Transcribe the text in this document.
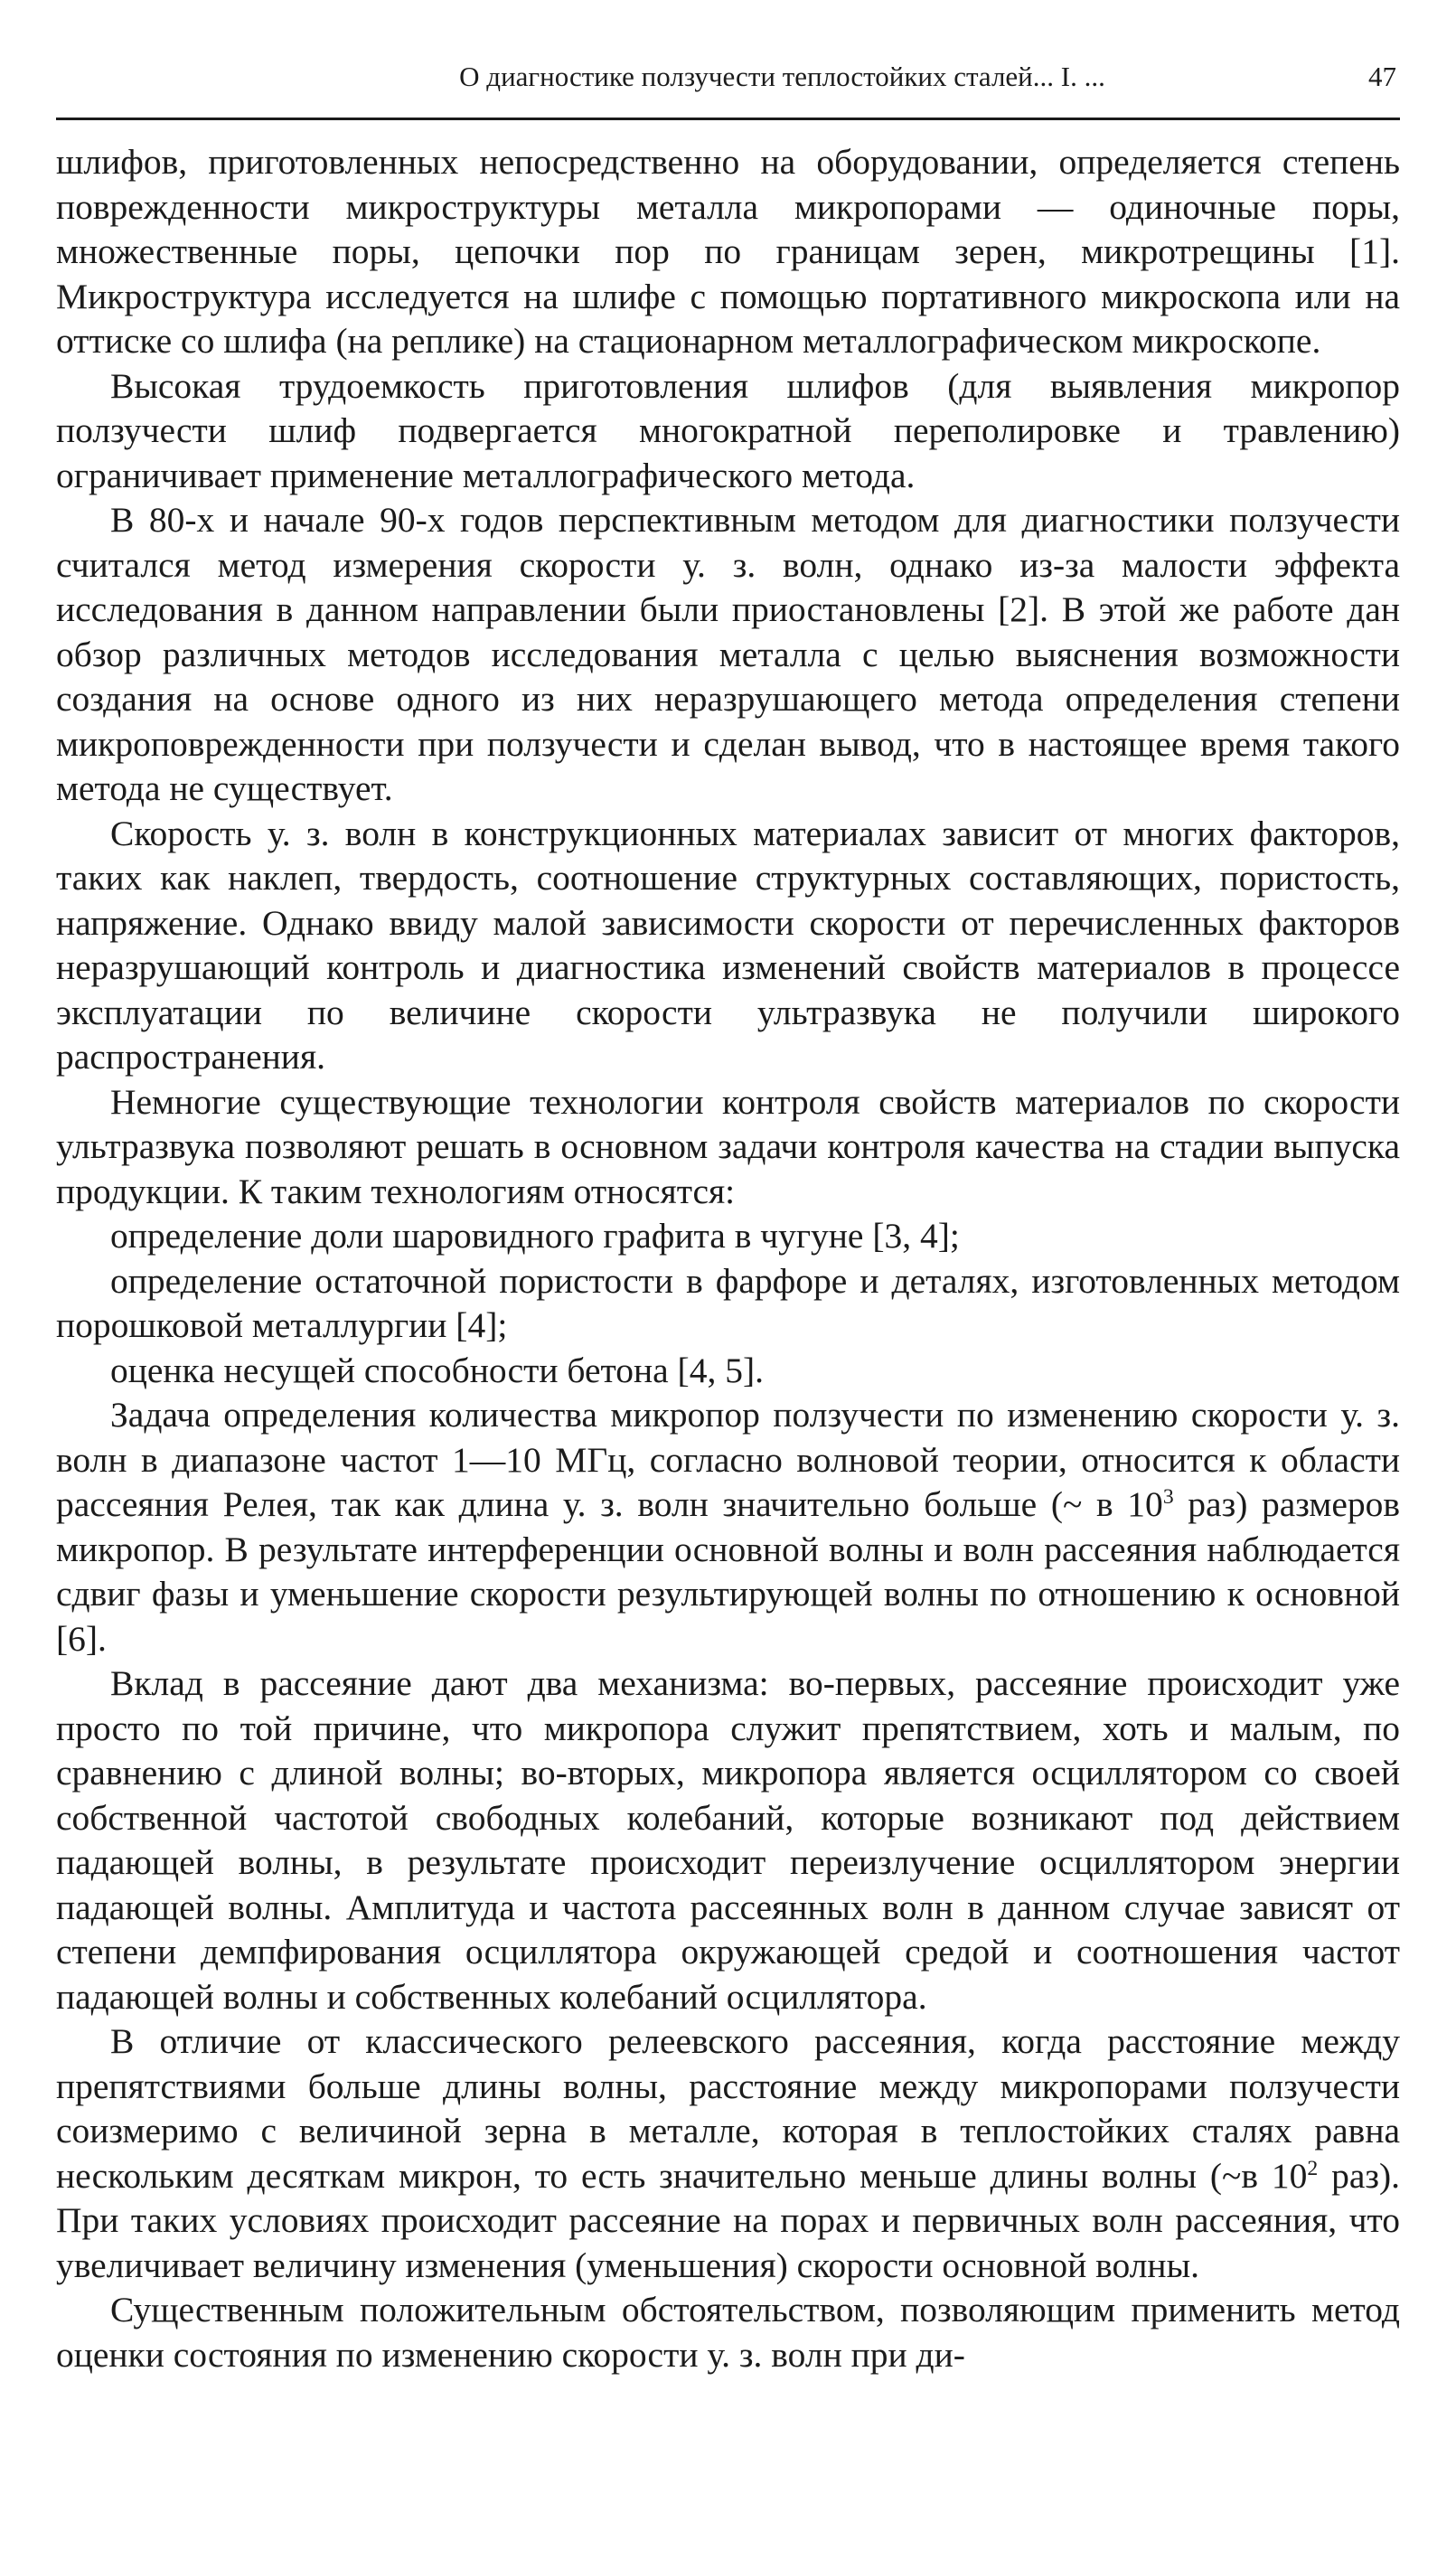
О диагностике ползучести теплостойких сталей... I. ...	47

шлифов, приготовленных непосредственно на оборудовании, определяется степень поврежденности микроструктуры металла микропорами — одиночные поры, множественные поры, цепочки пор по границам зерен, микротрещины [1]. Микроструктура исследуется на шлифе с помощью портативного микроскопа или на оттиске со шлифа (на реплике) на стационарном металлографическом микроскопе.

Высокая трудоемкость приготовления шлифов (для выявления микропор ползучести шлиф подвергается многократной переполировке и травлению) ограничивает применение металлографического метода.

В 80-х и начале 90-х годов перспективным методом для диагностики ползучести считался метод измерения скорости у. з. волн, однако из-за малости эффекта исследования в данном направлении были приостановлены [2]. В этой же работе дан обзор различных методов исследования металла с целью выяснения возможности создания на основе одного из них неразрушающего метода определения степени микроповрежденности при ползучести и сделан вывод, что в настоящее время такого метода не существует.

Скорость у. з. волн в конструкционных материалах зависит от многих факторов, таких как наклеп, твердость, соотношение структурных составляющих, пористость, напряжение. Однако ввиду малой зависимости скорости от перечисленных факторов неразрушающий контроль и диагностика изменений свойств материалов в процессе эксплуатации по величине скорости ультразвука не получили широкого распространения.

Немногие существующие технологии контроля свойств материалов по скорости ультразвука позволяют решать в основном задачи контроля качества на стадии выпуска продукции. К таким технологиям относятся:

определение доли шаровидного графита в чугуне [3, 4];

определение остаточной пористости в фарфоре и деталях, изготовленных методом порошковой металлургии [4];

оценка несущей способности бетона [4, 5].

Задача определения количества микропор ползучести по изменению скорости у. з. волн в диапазоне частот 1—10 МГц, согласно волновой теории, относится к области рассеяния Релея, так как длина у. з. волн значительно больше (~ в $10^3$ раз) размеров микропор. В результате интерференции основной волны и волн рассеяния наблюдается сдвиг фазы и уменьшение скорости результирующей волны по отношению к основной [6].

Вклад в рассеяние дают два механизма: во-первых, рассеяние происходит уже просто по той причине, что микропора служит препятствием, хоть и малым, по сравнению с длиной волны; во-вторых, микропора является осциллятором со своей собственной частотой свободных колебаний, которые возникают под действием падающей волны, в результате происходит переизлучение осциллятором энергии падающей волны. Амплитуда и частота рассеянных волн в данном случае зависят от степени демпфирования осциллятора окружающей средой и соотношения частот падающей волны и собственных колебаний осциллятора.

В отличие от классического релеевского рассеяния, когда расстояние между препятствиями больше длины волны, расстояние между микропорами ползучести соизмеримо с величиной зерна в металле, которая в теплостойких сталях равна нескольким десяткам микрон, то есть значительно меньше длины волны (~в $10^2$ раз). При таких условиях происходит рассеяние на порах и первичных волн рассеяния, что увеличивает величину изменения (уменьшения) скорости основной волны.

Существенным положительным обстоятельством, позволяющим применить метод оценки состояния по изменению скорости у. з. волн при ди-
